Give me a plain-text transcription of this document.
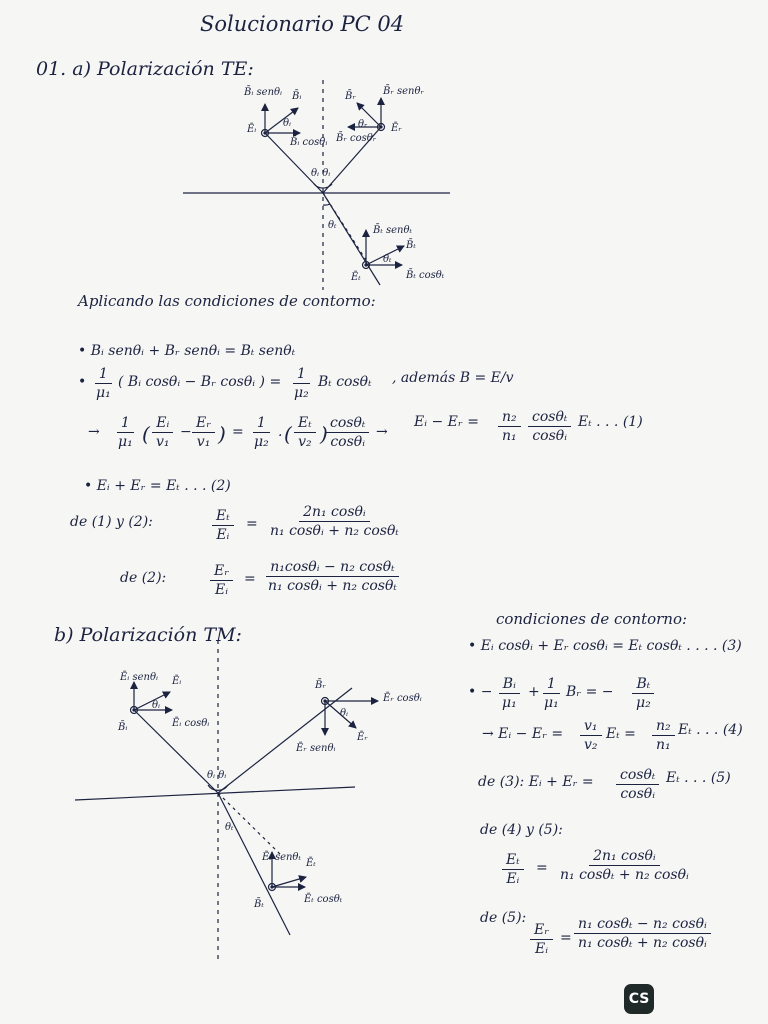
Solucionario PC 04
01. a) Polarización TE:
B̄ᵢ senθᵢ B̄ᵢ
Ēᵢ
θᵢ
B̄ᵢ cosθᵢ
B̄ᵣ	B̄ᵣ senθᵣ
θᵣ Ēᵣ
B̄ᵣ cosθᵣ
θᵢ θᵢ
θₜ	B̄ₜ senθₜ
B̄ₜ
θₜ
Ēₜ	B̄ₜ cosθₜ
Ēᵢ senθᵢ Ēᵢ
θᵢ
B̄ᵢ	Ēᵢ cosθᵢ
B̄ᵣ
Ēᵣ cosθᵢ
θᵢ
Ēᵣ
Ēᵣ senθᵢ
θᵢ θᵢ
θₜ
Ēₜ senθₜ
Ēₜ
B̄ₜ	Ēₜ cosθₜ
Aplicando las condiciones de contorno:
• Bᵢ senθᵢ + Bᵣ senθᵢ = Bₜ senθₜ
• $\frac{1}{\text{μ₁}}$ ( Bᵢ cosθᵢ − Bᵣ cosθᵢ ) = $\frac{1}{\text{μ₂}}$ Bₜ cosθₜ , además B = E/v
→ $\frac{1}{\text{μ₁}}$ ( $\frac{\text{Eᵢ}}{\text{v₁}} - \frac{\text{Eᵣ}}{\text{v₁}}$ ) = $\frac{1}{\text{μ₂}}$ . ( $\frac{\text{Eₜ}}{\text{v₂}}$ )
$\frac{\text{cosθₜ}}{\text{cosθᵢ}}$ →
Eᵢ − Eᵣ = $\frac{\text{n₂}}{\text{n₁}} \frac{\text{cosθₜ}}{\text{cosθᵢ}}$ Eₜ . . . (1)
• Eᵢ + Eᵣ = Eₜ . . . (2)
de (1) y (2):	$\frac{\text{Eₜ}}{\text{Eᵢ}} = \frac{\text{2n₁ cosθᵢ}}{\text{n₁ cosθᵢ + n₂ cosθₜ}}$
de (2):	$\frac{\text{Eᵣ}}{\text{Eᵢ}} = \frac{\text{n₁cosθᵢ − n₂ cosθₜ}}{\text{n₁ cosθᵢ + n₂ cosθₜ}}$
b) Polarización TM:
condiciones de contorno:
• Eᵢ cosθᵢ + Eᵣ cosθᵢ = Eₜ cosθₜ . . . . (3)
• − $\frac{\text{Bᵢ}}{\text{μ₁}} + \frac{1}{\text{μ₁}}$ Bᵣ = − $\frac{\text{Bₜ}}{\text{μ₂}}$
→ Eᵢ − Eᵣ = $\frac{\text{v₁}}{\text{v₂}}$ $E_t = \frac{\text{n₂}}{\text{n₁}}$ Eₜ . . . (4)
de (3): Eᵢ + Eᵣ = $\frac{\text{cosθₜ}}{\text{cosθᵢ}}$ Eₜ . . . (5)
de (4) y (5):
$\frac{\text{Eₜ}}{\text{Eᵢ}} = \frac{\text{2n₁ cosθᵢ}}{\text{n₁ cosθₜ + n₂ cosθᵢ}}$
de (5):
$\frac{\text{Eᵣ}}{\text{Eᵢ}} = \frac{\text{n₁ cosθₜ − n₂ cosθᵢ}}{\text{n₁ cosθₜ + n₂ cosθᵢ}}$
CS
